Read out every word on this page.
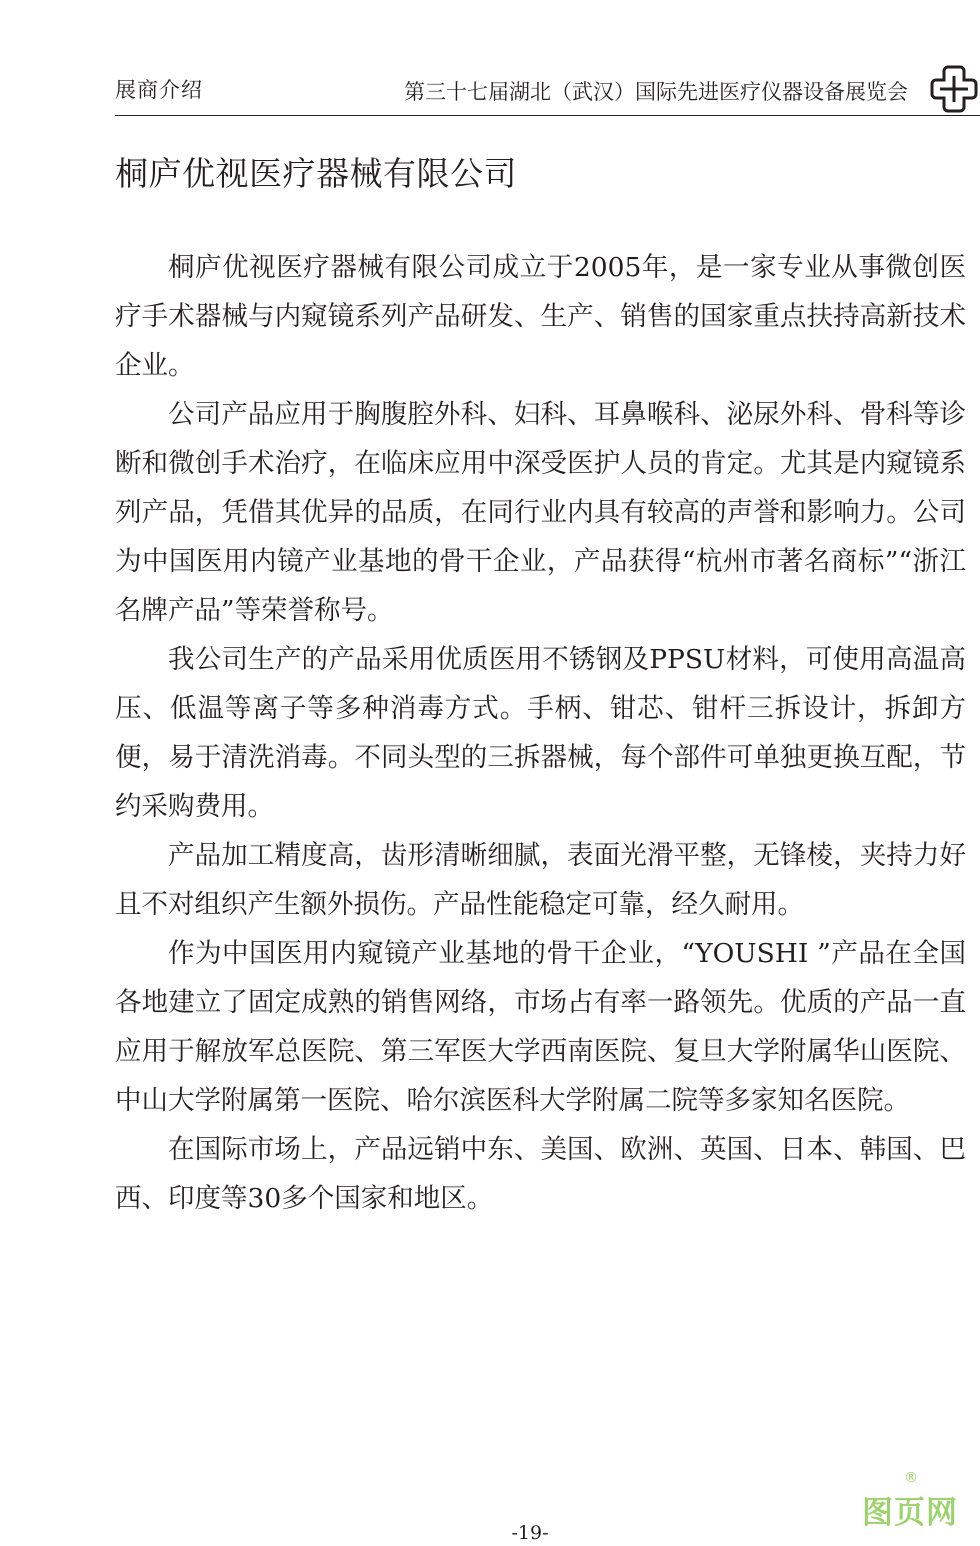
展商介绍	第三十七届湖北（武汉）国际先进医疗仪器设备展览会
桐庐优视医疗器械有限公司

桐庐优视医疗器械有限公司成立于2005年，是一家专业从事微创医疗手术器械与内窥镜系列产品研发、生产、销售的国家重点扶持高新技术企业。

公司产品应用于胸腹腔外科、妇科、耳鼻喉科、泌尿外科、骨科等诊断和微创手术治疗，在临床应用中深受医护人员的肯定。尤其是内窥镜系列产品，凭借其优异的品质，在同行业内具有较高的声誉和影响力。公司为中国医用内镜产业基地的骨干企业，产品获得“杭州市著名商标”“浙江名牌产品”等荣誉称号。

我公司生产的产品采用优质医用不锈钢及PPSU材料，可使用高温高压、低温等离子等多种消毒方式。手柄、钳芯、钳杆三拆设计，拆卸方便，易于清洗消毒。不同头型的三拆器械，每个部件可单独更换互配，节约采购费用。

产品加工精度高，齿形清晰细腻，表面光滑平整，无锋棱，夹持力好且不对组织产生额外损伤。产品性能稳定可靠，经久耐用。

作为中国医用内窥镜产业基地的骨干企业，“YOUSHI ”产品在全国各地建立了固定成熟的销售网络，市场占有率一路领先。优质的产品一直应用于解放军总医院、第三军医大学西南医院、复旦大学附属华山医院、中山大学附属第一医院、哈尔滨医科大学附属二院等多家知名医院。

在国际市场上，产品远销中东、美国、欧洲、英国、日本、韩国、巴西、印度等30多个国家和地区。

-19-
®
图页网
